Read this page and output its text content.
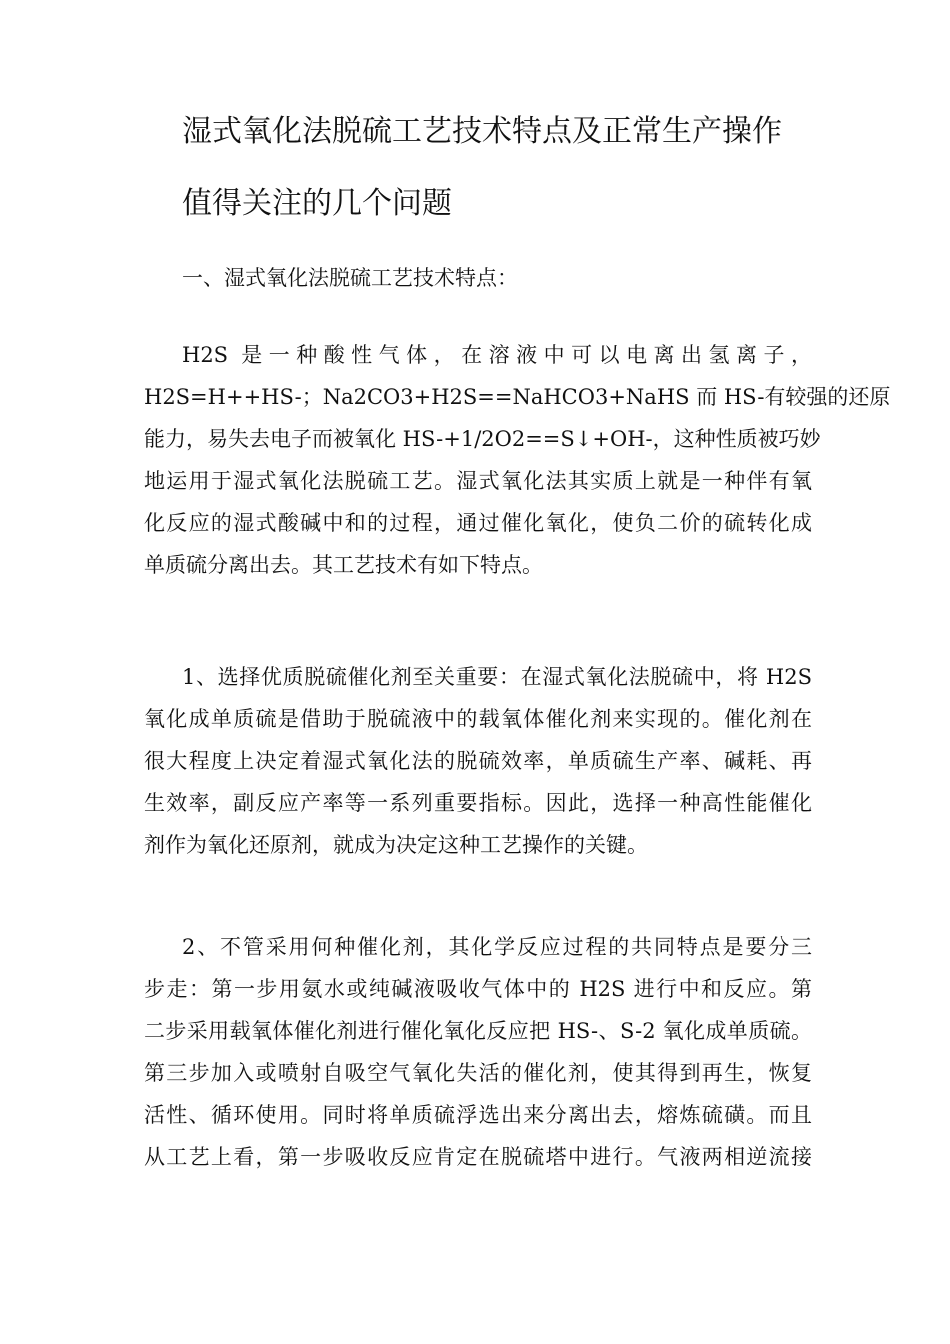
湿式氧化法脱硫工艺技术特点及正常生产操作
值得关注的几个问题
一、湿式氧化法脱硫工艺技术特点：
H2S 是一种酸性气体，在溶液中可以电离出氢离子，
H2S=H++HS-；Na2CO3+H2S==NaHCO3+NaHS 而 HS-有较强的还原
能力，易失去电子而被氧化 HS-+1/2O2==S↓+OH-，这种性质被巧妙
地运用于湿式氧化法脱硫工艺。湿式氧化法其实质上就是一种伴有氧
化反应的湿式酸碱中和的过程，通过催化氧化，使负二价的硫转化成
单质硫分离出去。其工艺技术有如下特点。
1、选择优质脱硫催化剂至关重要：在湿式氧化法脱硫中，将 H2S
氧化成单质硫是借助于脱硫液中的载氧体催化剂来实现的。催化剂在
很大程度上决定着湿式氧化法的脱硫效率，单质硫生产率、碱耗、再
生效率，副反应产率等一系列重要指标。因此，选择一种高性能催化
剂作为氧化还原剂，就成为决定这种工艺操作的关键。
2、不管采用何种催化剂，其化学反应过程的共同特点是要分三
步走：第一步用氨水或纯碱液吸收气体中的 H2S 进行中和反应。第
二步采用载氧体催化剂进行催化氧化反应把 HS-、S-2 氧化成单质硫。
第三步加入或喷射自吸空气氧化失活的催化剂，使其得到再生，恢复
活性、循环使用。同时将单质硫浮选出来分离出去，熔炼硫磺。而且
从工艺上看，第一步吸收反应肯定在脱硫塔中进行。气液两相逆流接
